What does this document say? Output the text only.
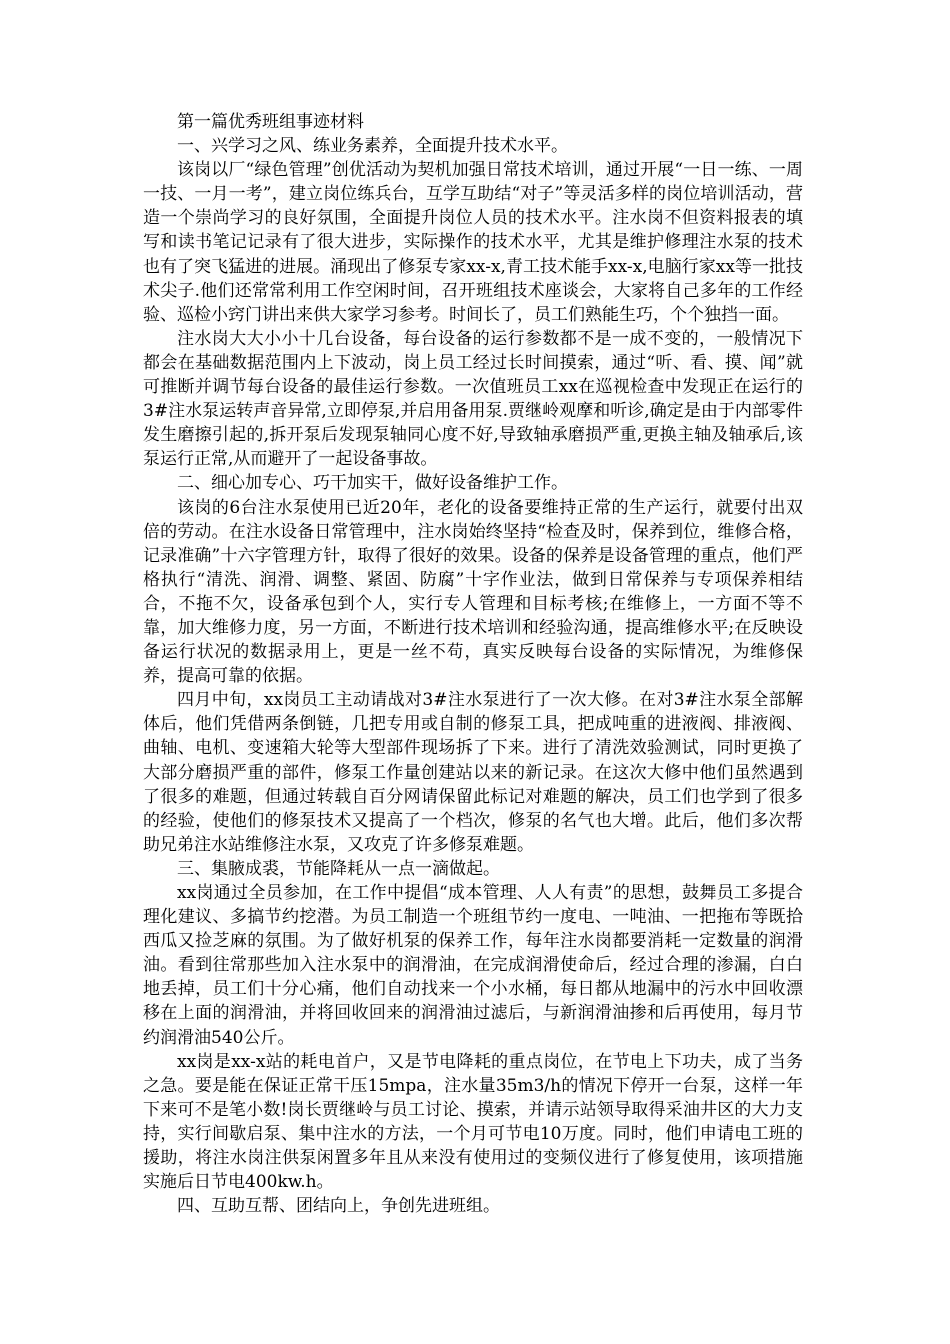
第一篇优秀班组事迹材料

一、兴学习之风、练业务素养，全面提升技术水平。

该岗以厂“绿色管理”创优活动为契机加强日常技术培训，通过开展“一日一练、一周一技、一月一考”，建立岗位练兵台，互学互助结“对子”等灵活多样的岗位培训活动，营造一个崇尚学习的良好氛围，全面提升岗位人员的技术水平。注水岗不但资料报表的填写和读书笔记记录有了很大进步，实际操作的技术水平，尤其是维护修理注水泵的技术也有了突飞猛进的进展。涌现出了修泵专家xx-x,青工技术能手xx-x,电脑行家xx等一批技术尖子.他们还常常利用工作空闲时间，召开班组技术座谈会，大家将自己多年的工作经验、巡检小窍门讲出来供大家学习参考。时间长了，员工们熟能生巧，个个独挡一面。

注水岗大大小小十几台设备，每台设备的运行参数都不是一成不变的，一般情况下都会在基础数据范围内上下波动，岗上员工经过长时间摸索，通过“听、看、摸、闻”就可推断并调节每台设备的最佳运行参数。一次值班员工xx在巡视检查中发现正在运行的3#注水泵运转声音异常,立即停泵,并启用备用泵.贾继岭观摩和听诊,确定是由于内部零件发生磨擦引起的,拆开泵后发现泵轴同心度不好,导致轴承磨损严重,更换主轴及轴承后,该泵运行正常,从而避开了一起设备事故。

二、细心加专心、巧干加实干，做好设备维护工作。

该岗的6台注水泵使用已近20年，老化的设备要维持正常的生产运行，就要付出双倍的劳动。在注水设备日常管理中，注水岗始终坚持“检查及时，保养到位，维修合格，记录准确”十六字管理方针，取得了很好的效果。设备的保养是设备管理的重点，他们严格执行“清洗、润滑、调整、紧固、防腐”十字作业法，做到日常保养与专项保养相结合，不拖不欠，设备承包到个人，实行专人管理和目标考核;在维修上，一方面不等不靠，加大维修力度，另一方面，不断进行技术培训和经验沟通，提高维修水平;在反映设备运行状况的数据录用上，更是一丝不苟，真实反映每台设备的实际情况，为维修保养，提高可靠的依据。

四月中旬，xx岗员工主动请战对3#注水泵进行了一次大修。在对3#注水泵全部解体后，他们凭借两条倒链，几把专用或自制的修泵工具，把成吨重的进液阀、排液阀、曲轴、电机、变速箱大轮等大型部件现场拆了下来。进行了清洗效验测试，同时更换了大部分磨损严重的部件，修泵工作量创建站以来的新记录。在这次大修中他们虽然遇到了很多的难题，但通过转载自百分网请保留此标记对难题的解决，员工们也学到了很多的经验，使他们的修泵技术又提高了一个档次，修泵的名气也大增。此后，他们多次帮助兄弟注水站维修注水泵，又攻克了许多修泵难题。

三、集腋成裘，节能降耗从一点一滴做起。

xx岗通过全员参加，在工作中提倡“成本管理、人人有责”的思想，鼓舞员工多提合理化建议、多搞节约挖潜。为员工制造一个班组节约一度电、一吨油、一把拖布等既拾西瓜又捡芝麻的氛围。为了做好机泵的保养工作，每年注水岗都要消耗一定数量的润滑油。看到往常那些加入注水泵中的润滑油，在完成润滑使命后，经过合理的渗漏，白白地丢掉，员工们十分心痛，他们自动找来一个小水桶，每日都从地漏中的污水中回收漂移在上面的润滑油，并将回收回来的润滑油过滤后，与新润滑油掺和后再使用，每月节约润滑油540公斤。

xx岗是xx-x站的耗电首户，又是节电降耗的重点岗位，在节电上下功夫，成了当务之急。要是能在保证正常干压15mpa，注水量35m3/h的情况下停开一台泵，这样一年下来可不是笔小数!岗长贾继岭与员工讨论、摸索，并请示站领导取得采油井区的大力支持，实行间歇启泵、集中注水的方法，一个月可节电10万度。同时，他们申请电工班的援助，将注水岗注供泵闲置多年且从来没有使用过的变频仪进行了修复使用，该项措施实施后日节电400kw.h。

四、互助互帮、团结向上，争创先进班组。
